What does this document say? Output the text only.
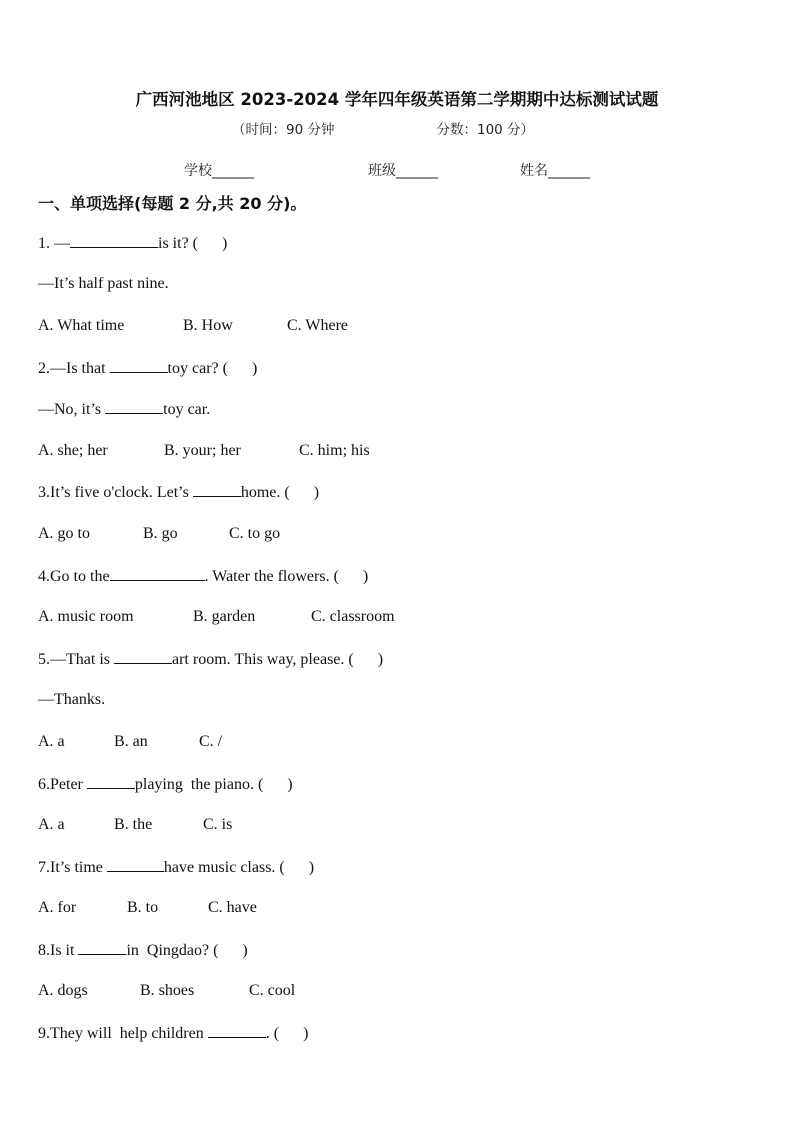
广西河池地区 2023-2024 学年四年级英语第二学期期中达标测试试题
（时间：90 分钟	分数：100 分）
学校______	班级______	姓名______
一、单项选择(每题 2 分,共 20 分)。
1. —	is it? (      )
—It’s half past nine.
A. What time	B. How	C. Where
2.—Is that	toy car? (      )
—No, it’s	toy car.
A. she; her	B. your; her	C. him; his
3.It’s five o'clock. Let’s	home. (      )
A. go to	B. go	C. to go
4.Go to the	. Water the flowers. (      )
A. music room	B. garden	C. classroom
5.—That is	art room. This way, please. (      )
—Thanks.
A. a	B. an	C. /
6.Peter	playing  the piano. (      )
A. a	B. the	C. is
7.It’s time	have music class. (      )
A. for	B. to	C. have
8.Is it	in  Qingdao? (      )
A. dogs	B. shoes	C. cool
9.They will  help children	. (      )
